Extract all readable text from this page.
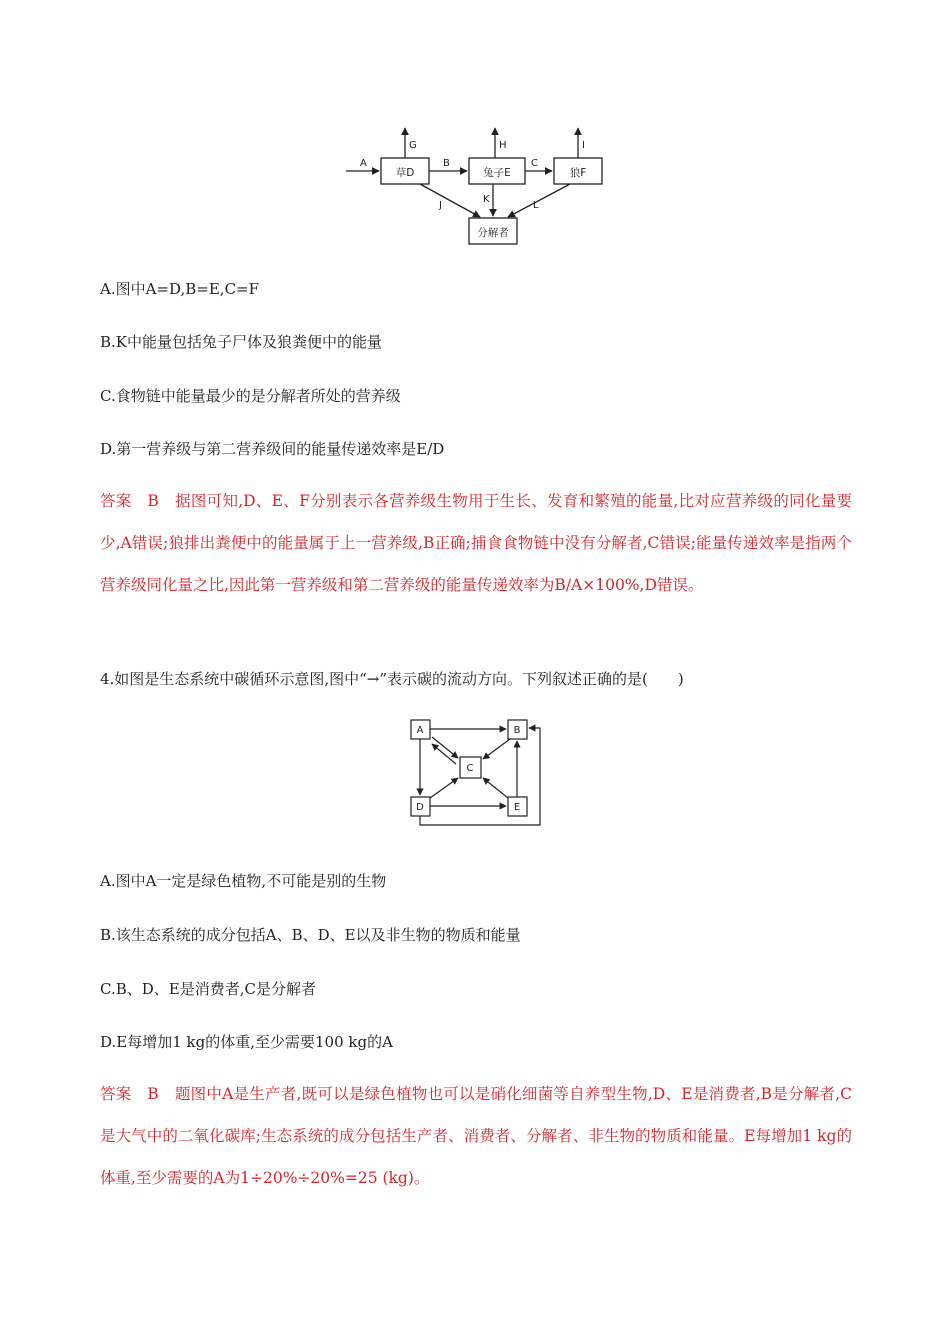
草D	兔子E	狼F
分解者
A	B	C
G	H	I
J
K
L
A.图中A=D,B=E,C=F
B.K中能量包括兔子尸体及狼粪便中的能量
C.食物链中能量最少的是分解者所处的营养级
D.第一营养级与第二营养级间的能量传递效率是E/D
答案　B 据图可知,D、E、F分别表示各营养级生物用于生长、发育和繁殖的能量,比对应营养级的同化量要少,A错误;狼排出粪便中的能量属于上一营养级,B正确;捕食食物链中没有分解者,C错误;能量传递效率是指两个营养级同化量之比,因此第一营养级和第二营养级的能量传递效率为B/A×100%,D错误。
4.如图是生态系统中碳循环示意图,图中“→”表示碳的流动方向。下列叙述正确的是(　　)
A	B
C
D	E
A.图中A一定是绿色植物,不可能是别的生物
B.该生态系统的成分包括A、B、D、E以及非生物的物质和能量
C.B、D、E是消费者,C是分解者
D.E每增加1 kg的体重,至少需要100 kg的A
答案　B 题图中A是生产者,既可以是绿色植物也可以是硝化细菌等自养型生物,D、E是消费者,B是分解者,C是大气中的二氧化碳库;生态系统的成分包括生产者、消费者、分解者、非生物的物质和能量。E每增加1 kg的体重,至少需要的A为1÷20%÷20%=25 (kg)。
